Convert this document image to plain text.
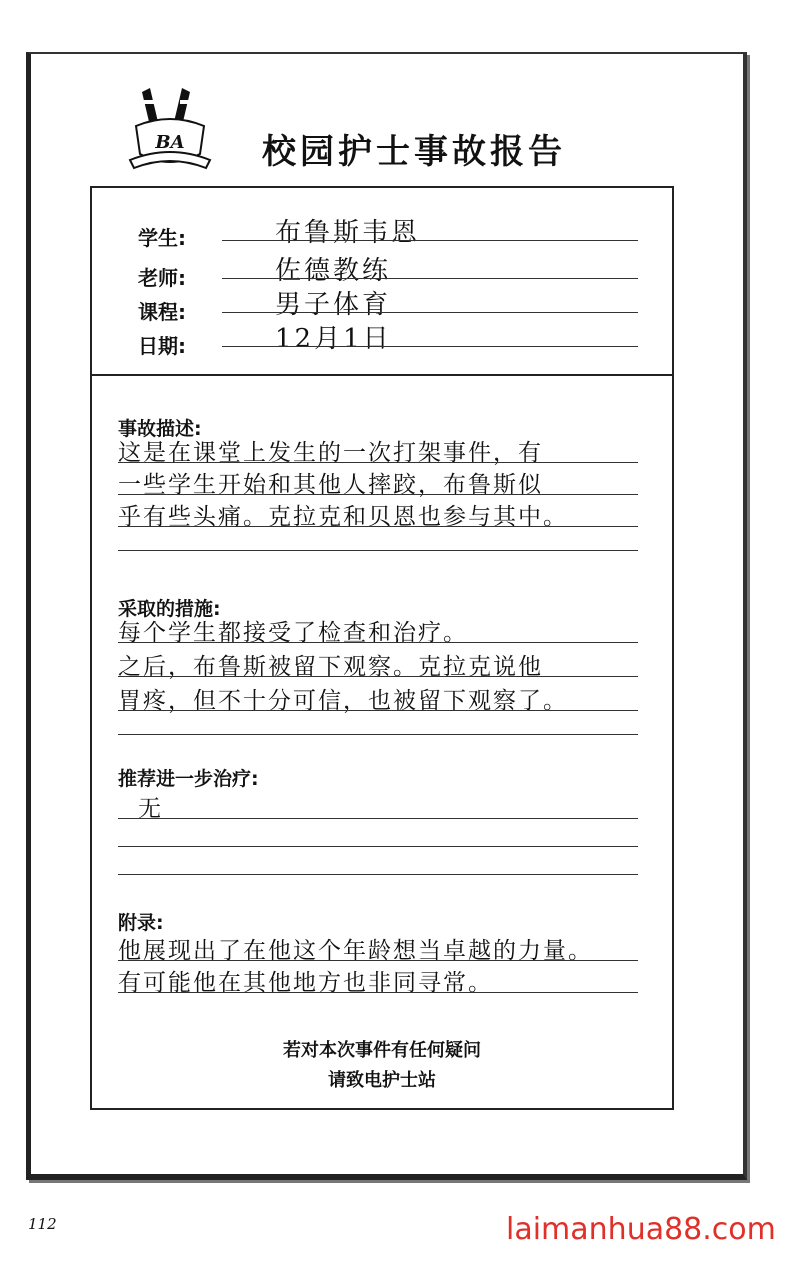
BA 校园护士事故报告
学生:	布鲁斯韦恩
老师:	佐德教练
课程:	男子体育
日期:	12月1日
事故描述:
这是在课堂上发生的一次打架事件，有
一些学生开始和其他人摔跤，布鲁斯似
乎有些头痛。克拉克和贝恩也参与其中。
采取的措施:
每个学生都接受了检查和治疗。
之后，布鲁斯被留下观察。克拉克说他
胃疼，但不十分可信，也被留下观察了。
推荐进一步治疗:
无
附录:
他展现出了在他这个年龄想当卓越的力量。
有可能他在其他地方也非同寻常。
若对本次事件有任何疑问
请致电护士站
112	laimanhua88.com
